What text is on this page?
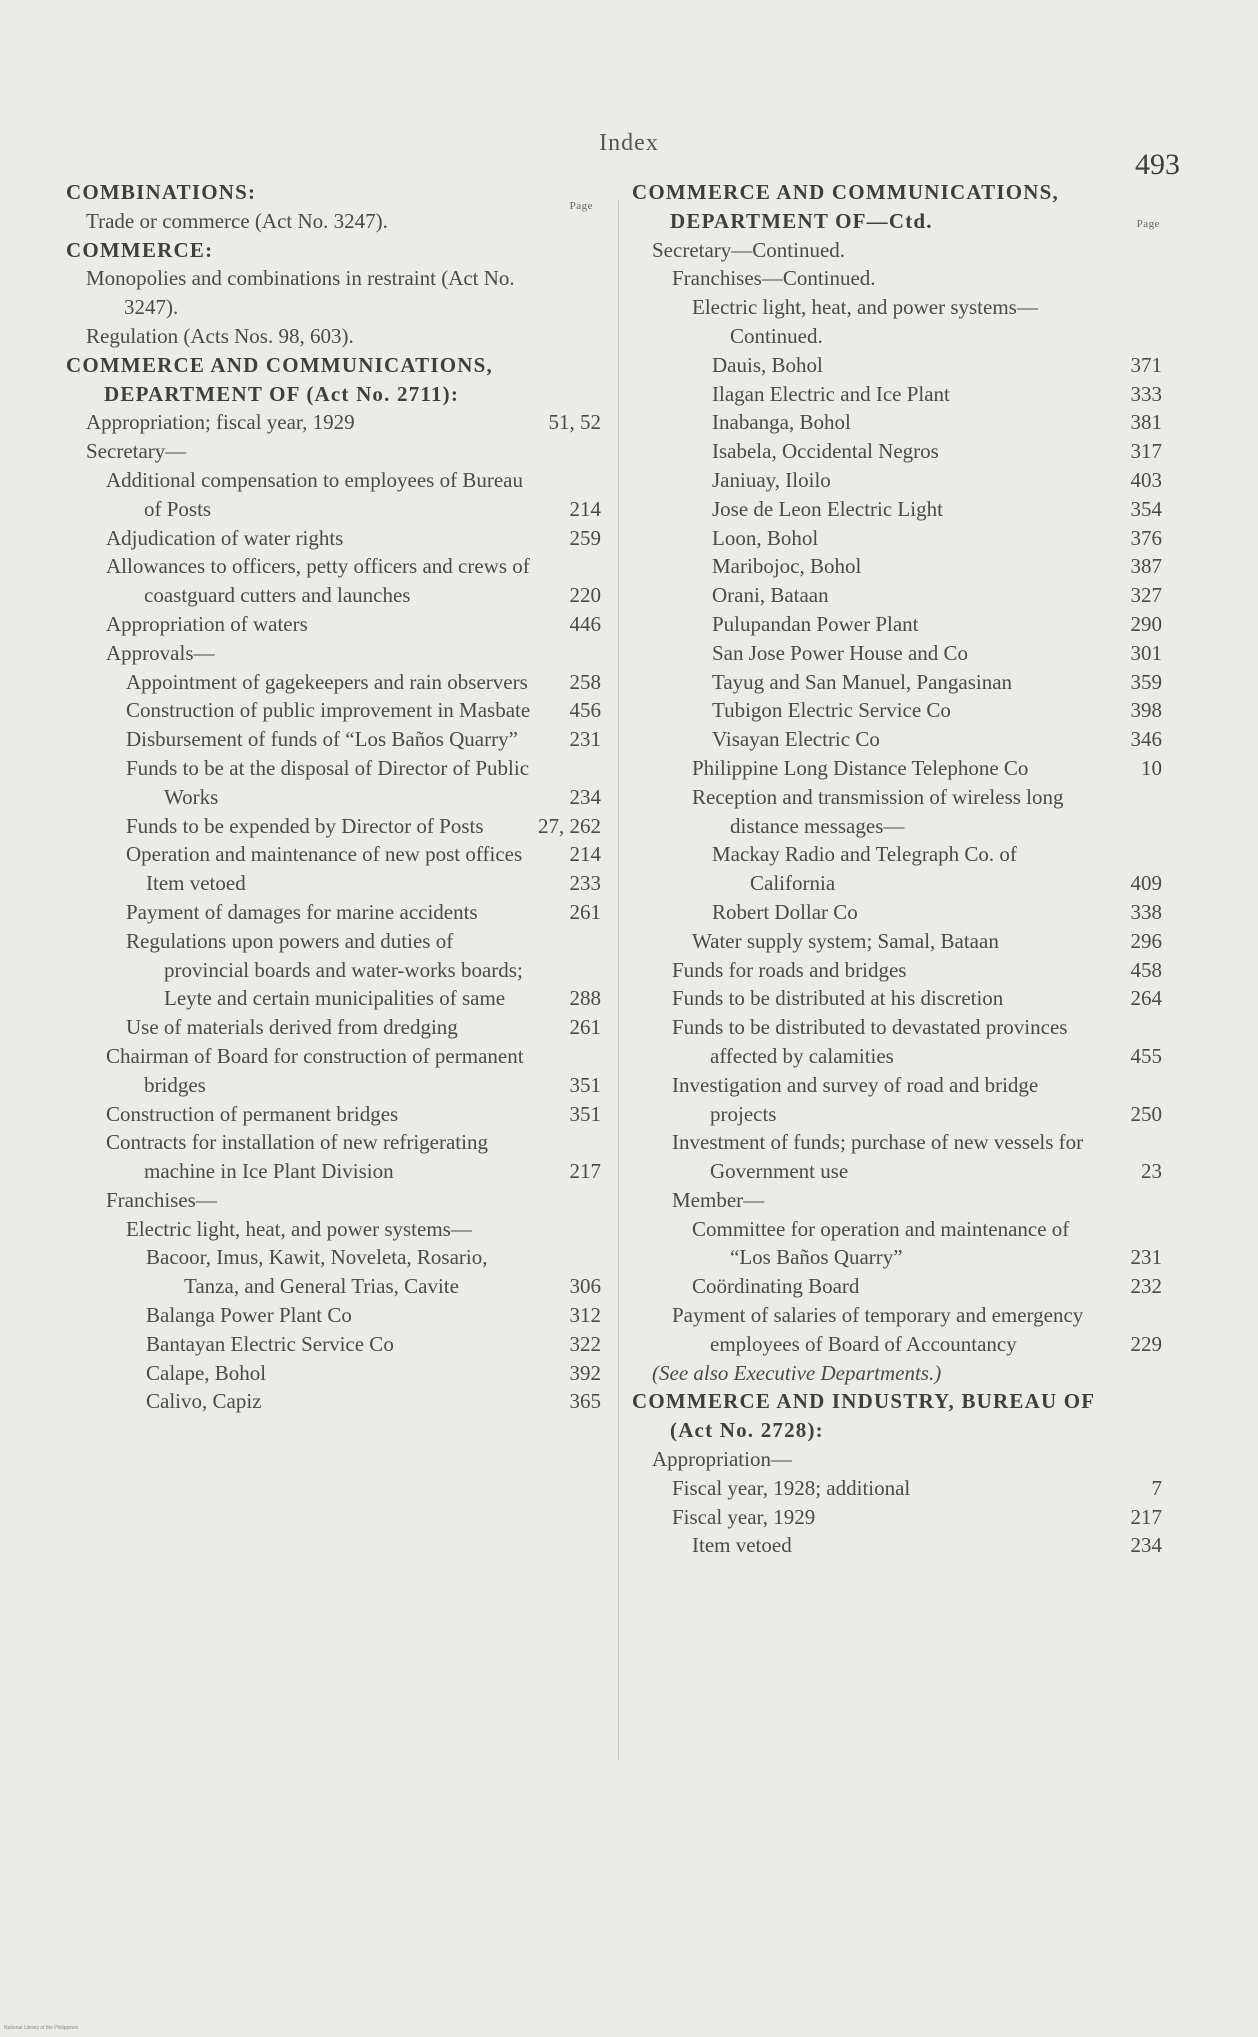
Index
493
Page
COMBINATIONS:
Trade or commerce (Act No. 3247).
COMMERCE:
Monopolies and combinations in restraint (Act No. 3247).
Regulation (Acts Nos. 98, 603).
COMMERCE AND COMMUNICATIONS, DEPARTMENT OF (Act No. 2711):
Appropriation; fiscal year, 1929	51, 52
Secretary—
Additional compensation to employees of Bureau of Posts	214
Adjudication of water rights	259
Allowances to officers, petty officers and crews of coastguard cutters and launches	220
Appropriation of waters	446
Approvals—
Appointment of gagekeepers and rain observers	258
Construction of public improvement in Masbate	456
Disbursement of funds of “Los Baños Quarry”	231
Funds to be at the disposal of Director of Public Works	234
Funds to be expended by Director of Posts	27, 262
Operation and maintenance of new post offices	214
Item vetoed	233
Payment of damages for marine accidents	261
Regulations upon powers and duties of provincial boards and water-works boards; Leyte and certain municipalities of same	288
Use of materials derived from dredging	261
Chairman of Board for construction of permanent bridges	351
Construction of permanent bridges	351
Contracts for installation of new refrigerating machine in Ice Plant Division	217
Franchises—
Electric light, heat, and power systems—
Bacoor, Imus, Kawit, Noveleta, Rosario, Tanza, and General Trias, Cavite	306
Balanga Power Plant Co	312
Bantayan Electric Service Co	322
Calape, Bohol	392
Calivo, Capiz	365
Page
COMMERCE AND COMMUNICATIONS, DEPARTMENT OF—Ctd.
Secretary—Continued.
Franchises—Continued.
Electric light, heat, and power systems—Continued.
Dauis, Bohol	371
Ilagan Electric and Ice Plant	333
Inabanga, Bohol	381
Isabela, Occidental Negros	317
Janiuay, Iloilo	403
Jose de Leon Electric Light	354
Loon, Bohol	376
Maribojoc, Bohol	387
Orani, Bataan	327
Pulupandan Power Plant	290
San Jose Power House and Co	301
Tayug and San Manuel, Pangasinan	359
Tubigon Electric Service Co	398
Visayan Electric Co	346
Philippine Long Distance Telephone Co	10
Reception and transmission of wireless long distance messages—
Mackay Radio and Telegraph Co. of California	409
Robert Dollar Co	338
Water supply system; Samal, Bataan	296
Funds for roads and bridges	458
Funds to be distributed at his discretion	264
Funds to be distributed to devastated provinces affected by calamities	455
Investigation and survey of road and bridge projects	250
Investment of funds; purchase of new vessels for Government use	23
Member—
Committee for operation and maintenance of “Los Baños Quarry”	231
Coördinating Board	232
Payment of salaries of temporary and emergency employees of Board of Accountancy	229
(See also Executive Departments.)
COMMERCE AND INDUSTRY, BUREAU OF (Act No. 2728):
Appropriation—
Fiscal year, 1928; additional	7
Fiscal year, 1929	217
Item vetoed	234
National Library of the Philippines
